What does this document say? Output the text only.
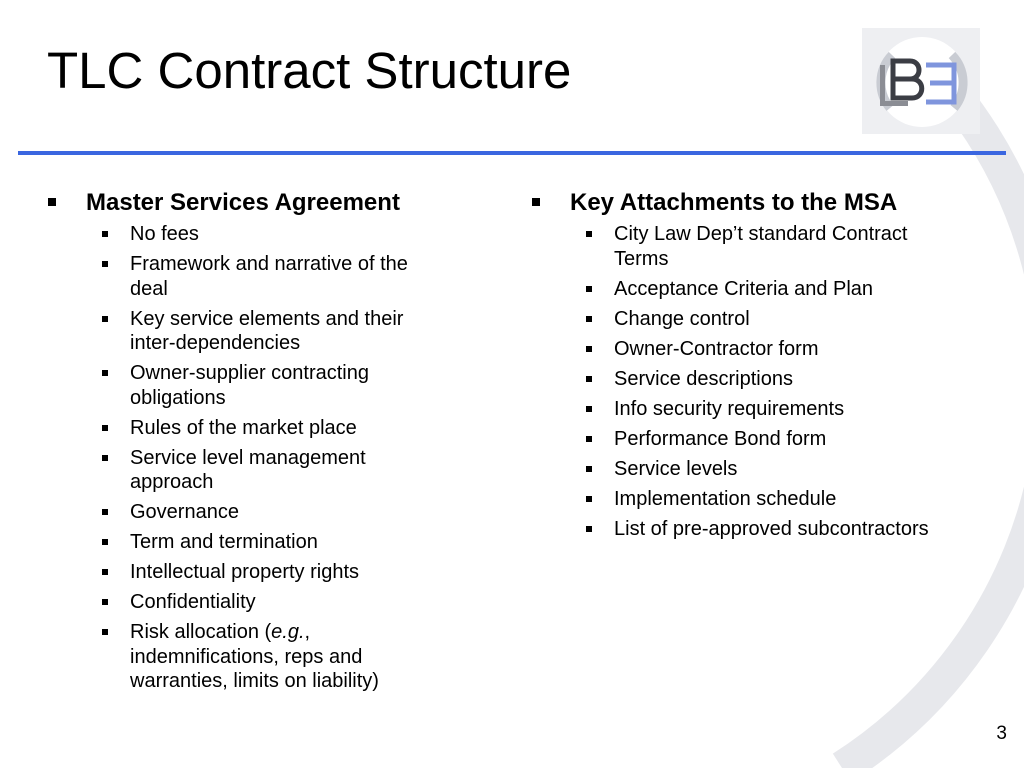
TLC Contract Structure
Master Services Agreement
No fees
Framework and narrative of the deal
Key service elements and their inter-dependencies
Owner-supplier contracting obligations
Rules of the market place
Service level management approach
Governance
Term and termination
Intellectual property rights
Confidentiality
Risk allocation (e.g., indemnifications, reps and warranties, limits on liability)
Key Attachments to the MSA
City Law Dep’t standard Contract Terms
Acceptance Criteria and Plan
Change control
Owner-Contractor form
Service descriptions
Info security requirements
Performance Bond form
Service levels
Implementation schedule
List of pre-approved subcontractors
3
